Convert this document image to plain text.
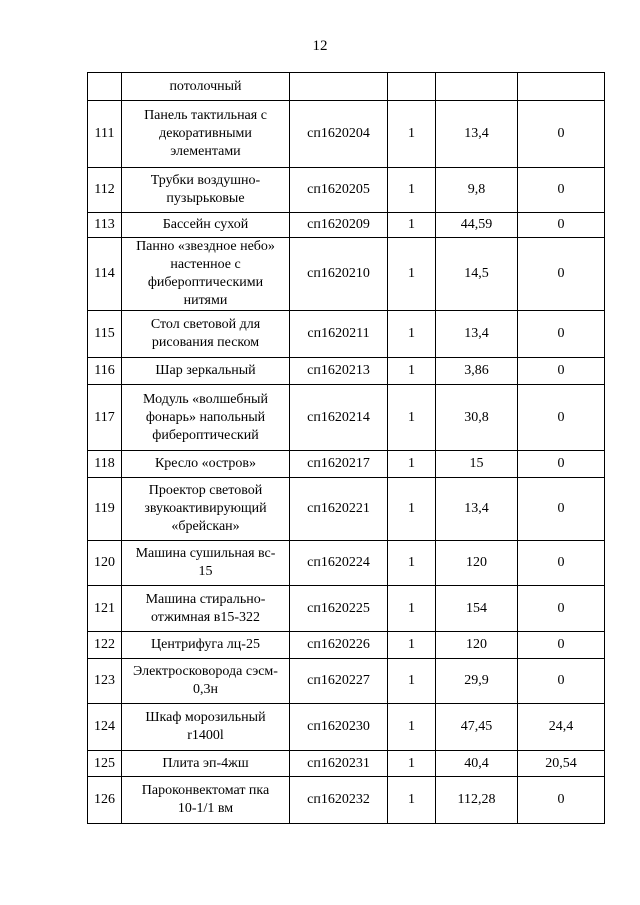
12
	потолочный				
111	Панель тактильная с
декоративными
элементами	сп1620204	1	13,4	0
112	Трубки воздушно-
пузырьковые	сп1620205	1	9,8	0
113	Бассейн сухой	сп1620209	1	44,59	0
114	Панно «звездное небо»
настенное с
фибероптическими
нитями	сп1620210	1	14,5	0
115	Стол световой для
рисования песком	сп1620211	1	13,4	0
116	Шар зеркальный	сп1620213	1	3,86	0
117	Модуль «волшебный
фонарь» напольный
фибероптический	сп1620214	1	30,8	0
118	Кресло «остров»	сп1620217	1	15	0
119	Проектор световой
звукоактивирующий
«брейскан»	сп1620221	1	13,4	0
120	Машина сушильная вс-
15	сп1620224	1	120	0
121	Машина стирально-
отжимная в15-322	сп1620225	1	154	0
122	Центрифуга лц-25	сп1620226	1	120	0
123	Электросковорода сэсм-
0,3н	сп1620227	1	29,9	0
124	Шкаф морозильный
r1400l	сп1620230	1	47,45	24,4
125	Плита эп-4жш	сп1620231	1	40,4	20,54
126	Пароконвектомат пка
10-1/1 вм	сп1620232	1	112,28	0
